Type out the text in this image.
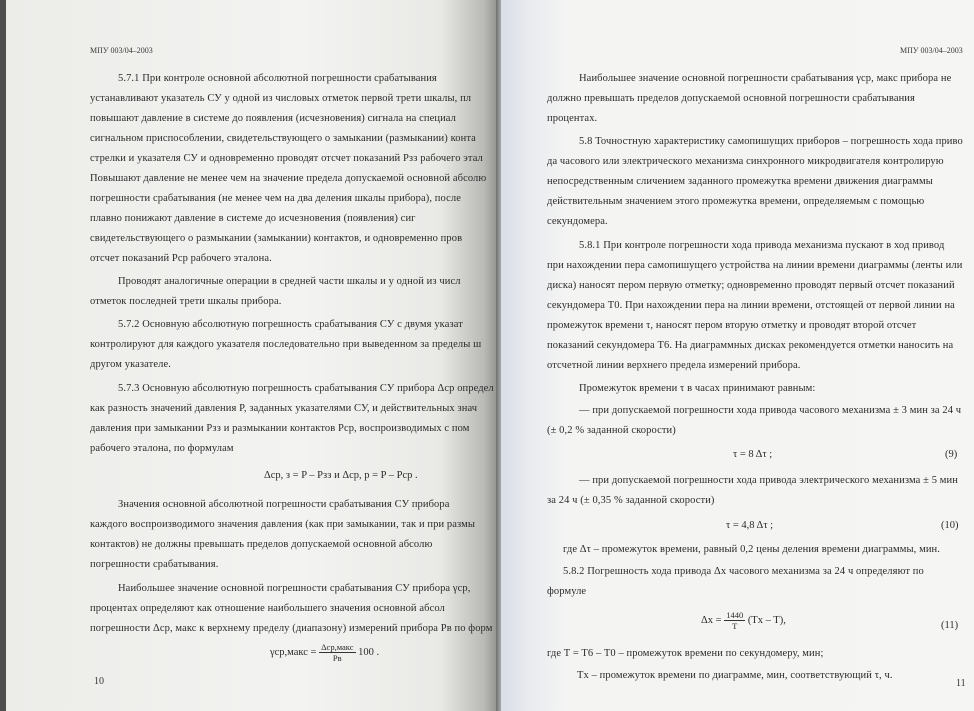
МПУ 003/04–2003
5.7.1 При контроле основной абсолютной погрешности срабатывания
устанавливают указатель СУ у одной из числовых отметок первой трети шкалы, пл
повышают давление в системе до появления (исчезновения) сигнала на специал
сигнальном приспособлении, свидетельствующего о замыкании (размыкании) конта
стрелки и указателя СУ и одновременно проводят отсчет показаний Pзз рабочего этал
Повышают давление не менее чем на значение предела допускаемой основной абсолю
погрешности срабатывания (не менее чем на два деления шкалы прибора), после
плавно понижают давление в системе до исчезновения (появления) сиг
свидетельствующего о размыкании (замыкании) контактов, и одновременно пров
отсчет показаний Pср рабочего эталона.
Проводят аналогичные операции в средней части шкалы и у одной из числ
отметок последней трети шкалы прибора.
5.7.2 Основную абсолютную погрешность срабатывания СУ с двумя указат
контролируют для каждого указателя последовательно при выведенном за пределы ш
другом указателе.
5.7.3 Основную абсолютную погрешность срабатывания СУ прибора Δср определ
как разность значений давления P, заданных указателями СУ, и действительных знач
давления при замыкании Pзз и размыкании контактов Pср, воспроизводимых с пом
рабочего эталона, по формулам
Δср, з = P – Pзз и Δср, р = P – Pср .
Значения основной абсолютной погрешности срабатывания СУ прибора
каждого воспроизводимого значения давления (как при замыкании, так и при размы
контактов) не должны превышать пределов допускаемой основной абсолю
погрешности срабатывания.
Наибольшее значение основной погрешности срабатывания СУ прибора γср,
процентах определяют как отношение наибольшего значения основной абсол
погрешности Δср, макс к верхнему пределу (диапазону) измерений прибора Pв по форм
γср,макс = $\frac{\text{Δср,макс}}{Pв} 100$ .
10
МПУ 003/04–2003
Наибольшее значение основной погрешности срабатывания γср, макс прибора не
должно превышать пределов допускаемой основной погрешности срабатывания
процентах.
5.8 Точностную характеристику самопишущих приборов – погрешность хода приво
да часового или электрического механизма синхронного микродвигателя контролирую
непосредственным сличением заданного промежутка времени движения диаграммы
действительным значением этого промежутка времени, определяемым с помощью
секундомера.
5.8.1 При контроле погрешности хода привода механизма пускают в ход привод
при нахождении пера самопишущего устройства на линии времени диаграммы (ленты или
диска) наносят пером первую отметку; одновременно проводят первый отсчет показаний
секундомера T0. При нахождении пера на линии времени, отстоящей от первой линии на
промежуток времени τ, наносят пером вторую отметку и проводят второй отсчет
показаний секундомера T6. На диаграммных дисках рекомендуется отметки наносить на
отсчетной линии верхнего предела измерений прибора.
Промежуток времени τ в часах принимают равным:
— при допускаемой погрешности хода привода часового механизма ± 3 мин за 24 ч
(± 0,2 % заданной скорости)
τ = 8 Δτ ;	(9)
— при допускаемой погрешности хода привода электрического механизма ± 5 мин
за 24 ч (± 0,35 % заданной скорости)
τ = 4,8 Δτ ;	(10)
где Δτ – промежуток времени, равный 0,2 цены деления времени диаграммы, мин.
5.8.2 Погрешность хода привода Δх часового механизма за 24 ч определяют по
формуле
$\Delta х = \frac{1440}{T} (Tx - T)$,	(11)
где T = T6 – T0 – промежуток времени по секундомеру, мин;
Tx – промежуток времени по диаграмме, мин, соответствующий τ, ч.
11
